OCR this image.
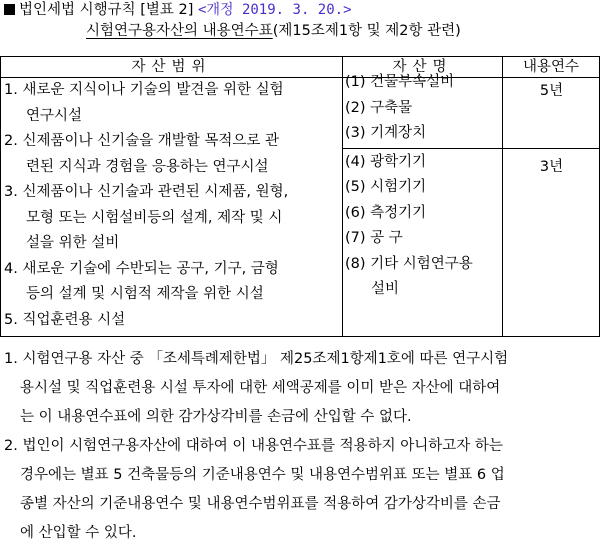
법인세법 시행규칙 [별표 2] <개정 2019. 3. 20.>
시험연구용자산의 내용연수표(제15조제1항 및 제2항 관련)
자산범위	자산명	내용연수
1. 새로운 지식이나 기술의 발견을 위한 실험
연구시설
2. 신제품이나 신기술을 개발할 목적으로 관
련된 지식과 경험을 응용하는 연구시설
3. 신제품이나 신기술과 관련된 시제품, 원형,
모형 또는 시험설비등의 설계, 제작 및 시
설을 위한 설비
4. 새로운 기술에 수반되는 공구, 기구, 금형
등의 설계 및 시험적 제작을 위한 시설
5. 직업훈련용 시설
(1) 건물부속설비
(2) 구축물
(3) 기계장치
(4) 광학기기
(5) 시험기기
(6) 측정기기
(7) 공 구
(8) 기타 시험연구용
설비
5년
3년
1. 시험연구용 자산 중 「조세특례제한법」 제25조제1항제1호에 따른 연구시험
용시설 및 직업훈련용 시설 투자에 대한 세액공제를 이미 받은 자산에 대하여
는 이 내용연수표에 의한 감가상각비를 손금에 산입할 수 없다.
2. 법인이 시험연구용자산에 대하여 이 내용연수표를 적용하지 아니하고자 하는
경우에는 별표 5 건축물등의 기준내용연수 및 내용연수범위표 또는 별표 6 업
종별 자산의 기준내용연수 및 내용연수범위표를 적용하여 감가상각비를 손금
에 산입할 수 있다.
